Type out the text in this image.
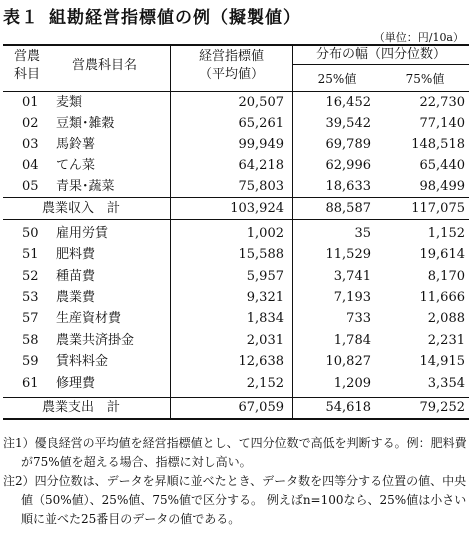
表１ 組勘経営指標値の例（擬製値）
（単位：円/10a）
営農
科目
営農科目名
経営指標値
（平均値）
分布の幅（四分位数）
25%値	75%値
01 麦類	20,507	16,452	22,730
02 豆類･雑穀	65,261	39,542	77,140
03 馬鈴薯	99,949	69,789	148,518
04 てん菜	64,218	62,996	65,440
05 青果･蔬菜	75,803	18,633	98,499
農業収入　計	103,924	88,587	117,075
50 雇用労賃	1,002	35	1,152
51 肥料費	15,588	11,529	19,614
52 種苗費	5,957	3,741	8,170
53 農業費	9,321	7,193	11,666
57 生産資材費	1,834	733	2,088
58 農業共済掛金	2,031	1,784	2,231
59 賃料料金	12,638	10,827	14,915
61 修理費	2,152	1,209	3,354
農業支出　計	67,059	54,618	79,252

注1）優良経営の平均値を経営指標値とし、て四分位数で高低を判断する。例：肥料費が75%値を超える場合、指標に対し高い。

注2）四分位数は、データを昇順に並べたとき、データ数を四等分する位置の値、中央値（50%値）、25%値、75%値で区分する。 例えばn=100なら、25%値は小さい順に並べた25番目のデータの値である。
